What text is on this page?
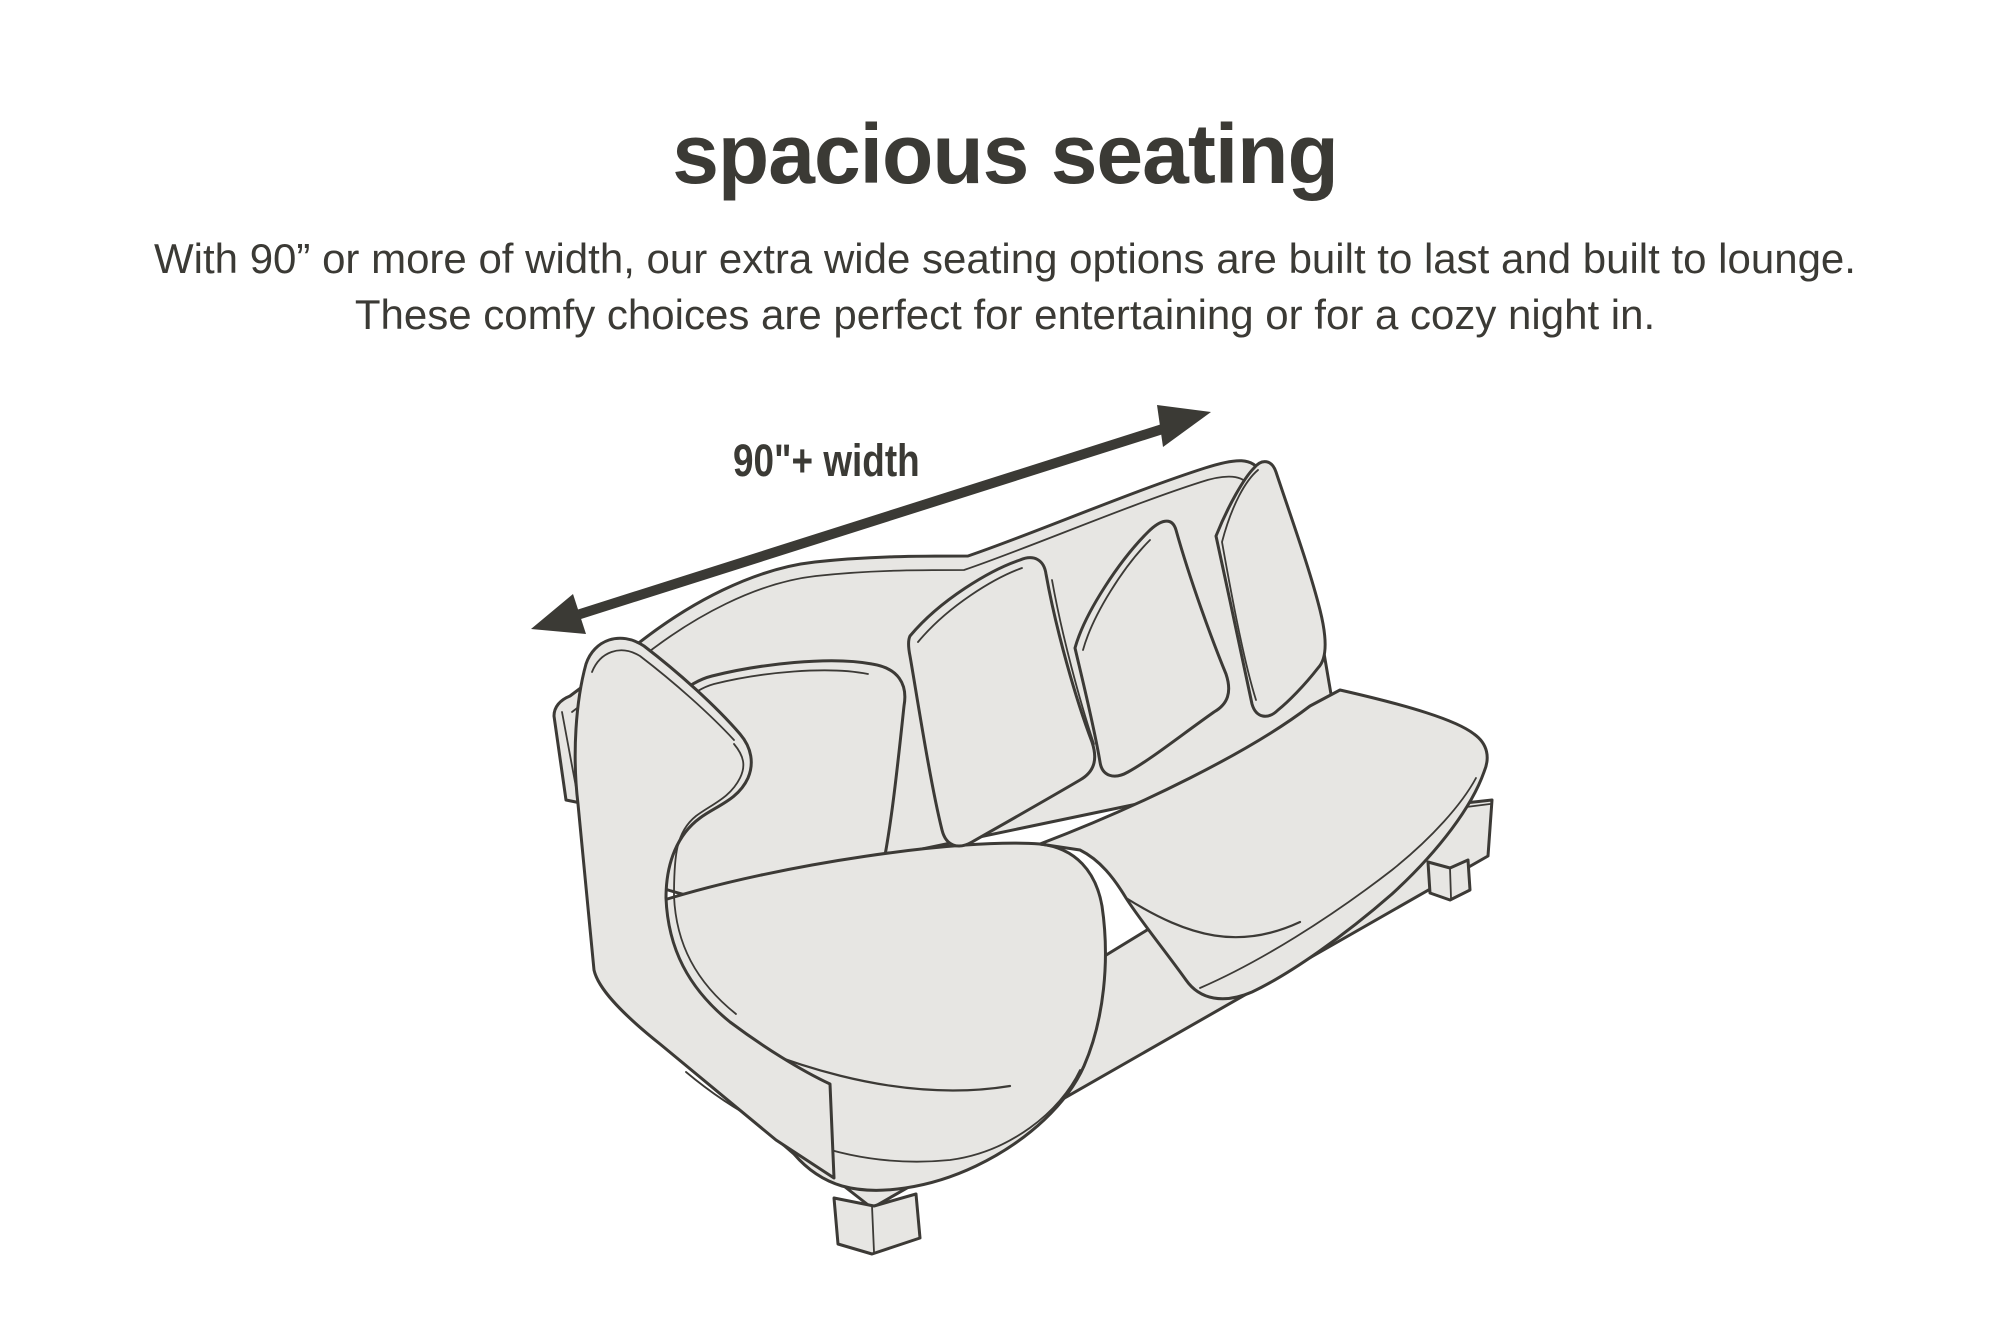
spacious seating

With 90” or more of width, our extra wide seating options are built to last and built to lounge.
These comfy choices are perfect for entertaining or for a cozy night in.

90"+ width
